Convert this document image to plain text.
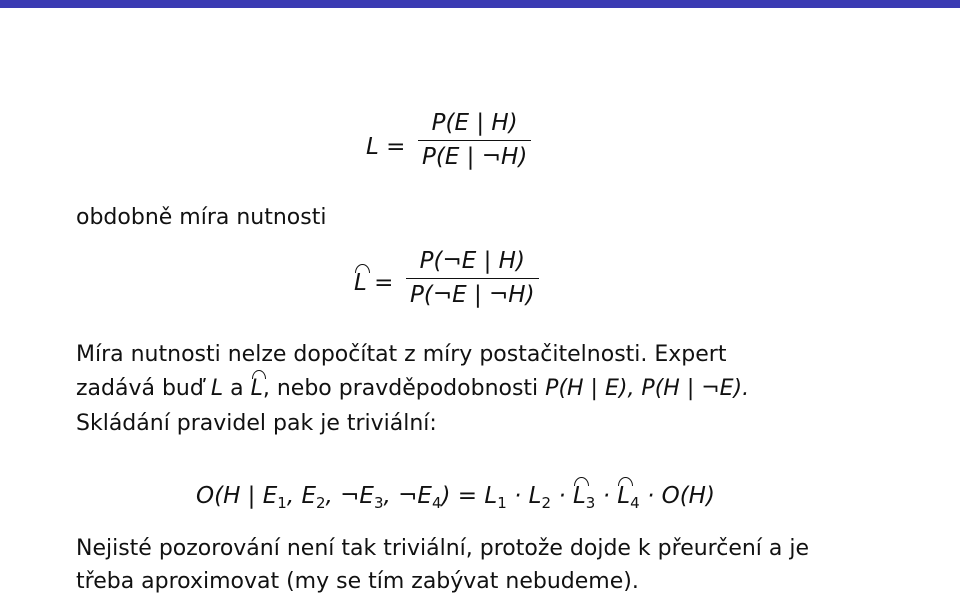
L =
P(E | H)
P(E | ¬H)
obdobně míra nutnosti
L =
P(¬E | H)
P(¬E | ¬H)
Míra nutnosti nelze dopočítat z míry postačitelnosti. Expert
zadává buď L a L, nebo pravděpodobnosti P(H | E), P(H | ¬E).
Skládání pravidel pak je triviální:
O(H | $E_1$, $E_2$, $\neg E_3$, $\neg E_4) = L_1 \cdot L_2 \cdot L_3 \cdot L_4 \cdot O(H)$
Nejisté pozorování není tak triviální, protože dojde k přeurčení a je
třeba aproximovat (my se tím zabývat nebudeme).
